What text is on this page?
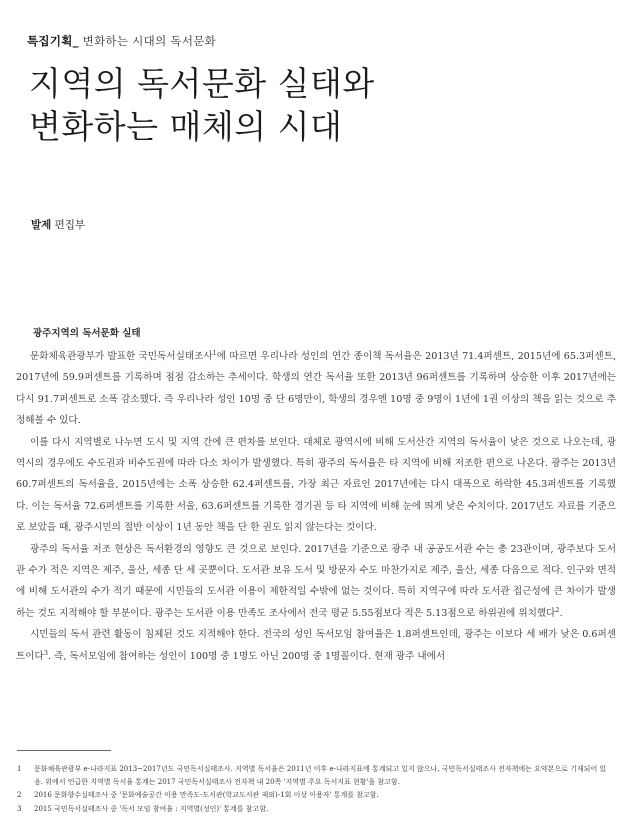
특집기획_ 변화하는 시대의 독서문화
지역의 독서문화 실태와
변화하는 매체의 시대
발제 편집부
광주지역의 독서문화 실태

문화체육관광부가 발표한 국민독서실태조사$^1$에 따르면 우리나라 성인의 연간 종이책 독서율은 2013년 71.4퍼센트, 2015년에 65.3퍼센트, 2017년에 59.9퍼센트를 기록하며 점점 감소하는 추세이다. 학생의 연간 독서율 또한 2013년 96퍼센트를 기록하며 상승한 이후 2017년에는 다시 91.7퍼센트로 소폭 감소했다. 즉 우리나라 성인 10명 중 단 6명만이, 학생의 경우엔 10명 중 9명이 1년에 1권 이상의 책을 읽는 것으로 추정해볼 수 있다.

이를 다시 지역별로 나누면 도시 및 지역 간에 큰 편차를 보인다. 대체로 광역시에 비해 도서산간 지역의 독서율이 낮은 것으로 나오는데, 광역시의 경우에도 수도권과 비수도권에 따라 다소 차이가 발생했다. 특히 광주의 독서율은 타 지역에 비해 저조한 편으로 나온다. 광주는 2013년 60.7퍼센트의 독서율을, 2015년에는 소폭 상승한 62.4퍼센트를, 가장 최근 자료인 2017년에는 다시 대폭으로 하락한 45.3퍼센트를 기록했다. 이는 독서율 72.6퍼센트를 기록한 서울, 63.6퍼센트를 기록한 경기권 등 타 지역에 비해 눈에 띄게 낮은 수치이다. 2017년도 자료를 기준으로 보았을 때, 광주시민의 절반 이상이 1년 동안 책을 단 한 권도 읽지 않는다는 것이다.

광주의 독서율 저조 현상은 독서환경의 영향도 큰 것으로 보인다. 2017년을 기준으로 광주 내 공공도서관 수는 총 23관이며, 광주보다 도서관 수가 적은 지역은 제주, 울산, 세종 단 세 곳뿐이다. 도서관 보유 도서 및 방문자 수도 마찬가지로 제주, 울산, 세종 다음으로 적다. 인구와 면적에 비해 도서관의 수가 적기 때문에 시민들의 도서관 이용이 제한적일 수밖에 없는 것이다. 특히 지역구에 따라 도서관 접근성에 큰 차이가 발생하는 것도 지적해야 할 부분이다. 광주는 도서관 이용 만족도 조사에서 전국 평균 5.55점보다 적은 5.13점으로 하위권에 위치했다$^2$.

시민들의 독서 관련 활동이 침체된 것도 지적해야 한다. 전국의 성인 독서모임 참여율은 1.8퍼센트인데, 광주는 이보다 세 배가 낮은 0.6퍼센트이다$^3$. 즉, 독서모임에 참여하는 성인이 100명 중 1명도 아닌 200명 중 1명꼴이다. 현재 광주 내에서

1	문화체육관광부 e-나라지표 2013~2017년도 국민독서실태조사. 지역별 독서율은 2011년 이후 e-나라지표에 통계되고 있지 않으나, 국민독서실태조사 전자책에는 요약본으로 기재되어 있음. 위에서 언급한 지역별 독서율 통계는 2017 국민독서실태조사 전자책 내 20쪽 '지역별 주요 독서지표 현황'을 참고함.
2	2016 문화향수실태조사 중 '문화예술공간 이용 만족도-도서관(학교도서관 제외)-1회 이상 이용자' 통계를 참고함.
3	2015 국민독서실태조사 중 '독서 모임 참여율 : 지역별(성인)' 통계를 참고함.
